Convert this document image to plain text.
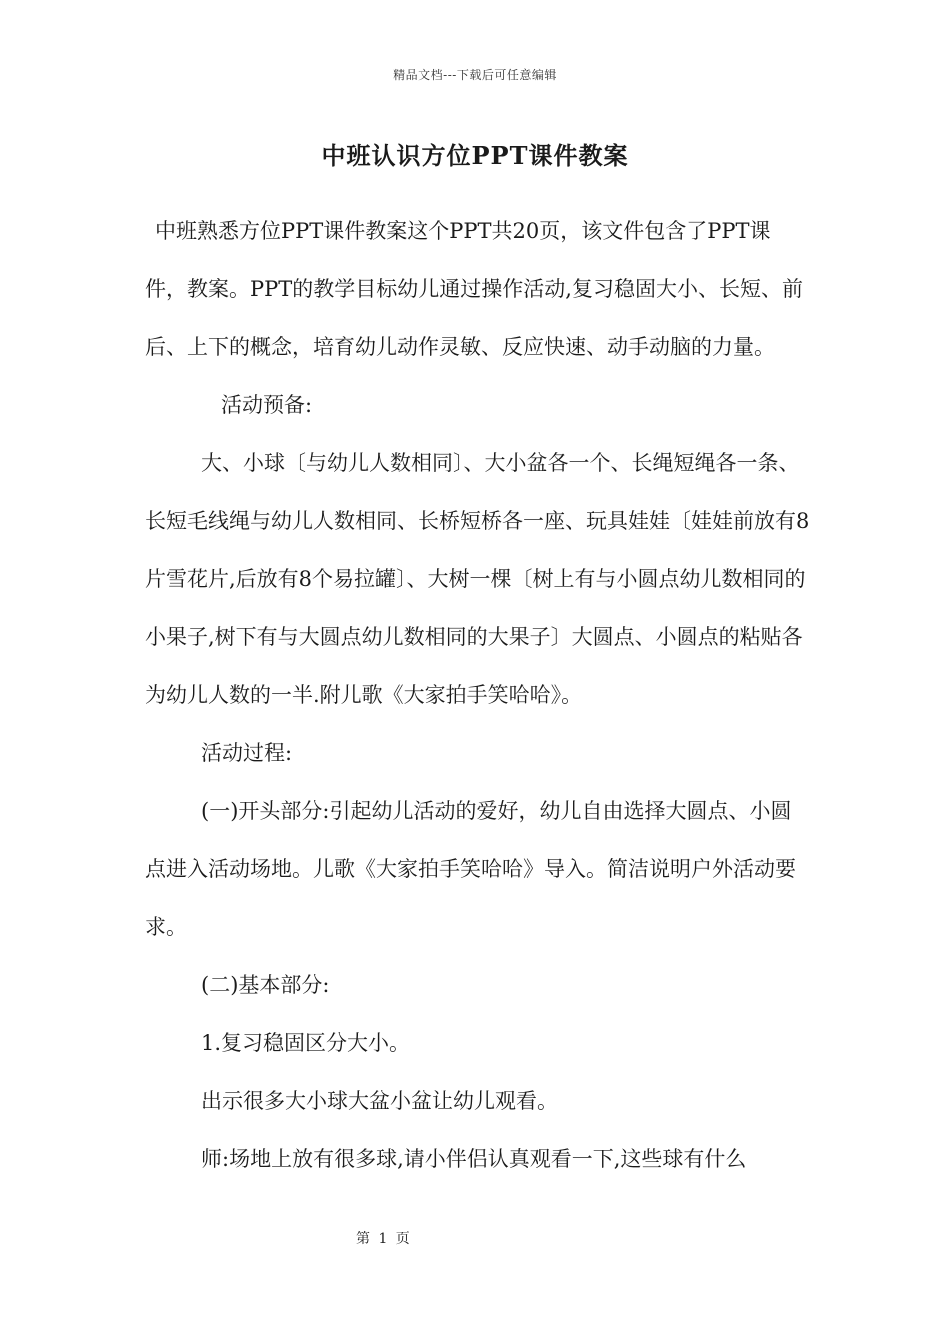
精品文档---下载后可任意编辑
中班认识方位PPT课件教案

中班熟悉方位PPT课件教案这个PPT共20页，该文件包含了PPT课件，教案。PPT的教学目标幼儿通过操作活动,复习稳固大小、长短、前后、上下的概念，培育幼儿动作灵敏、反应快速、动手动脑的力量。活动预备:

大、小球〔与幼儿人数相同〕、大小盆各一个、长绳短绳各一条、长短毛线绳与幼儿人数相同、长桥短桥各一座、玩具娃娃〔娃娃前放有8片雪花片,后放有8个易拉罐〕、大树一棵〔树上有与小圆点幼儿数相同的小果子,树下有与大圆点幼儿数相同的大果子〕大圆点、小圆点的粘贴各为幼儿人数的一半.附儿歌《大家拍手笑哈哈》。

活动过程:

(一)开头部分:引起幼儿活动的爱好，幼儿自由选择大圆点、小圆点进入活动场地。儿歌《大家拍手笑哈哈》导入。简洁说明户外活动要求。

(二)基本部分:

1.复习稳固区分大小。

出示很多大小球大盆小盆让幼儿观看。

师:场地上放有很多球,请小伴侣认真观看一下,这些球有什么

第 1 页
